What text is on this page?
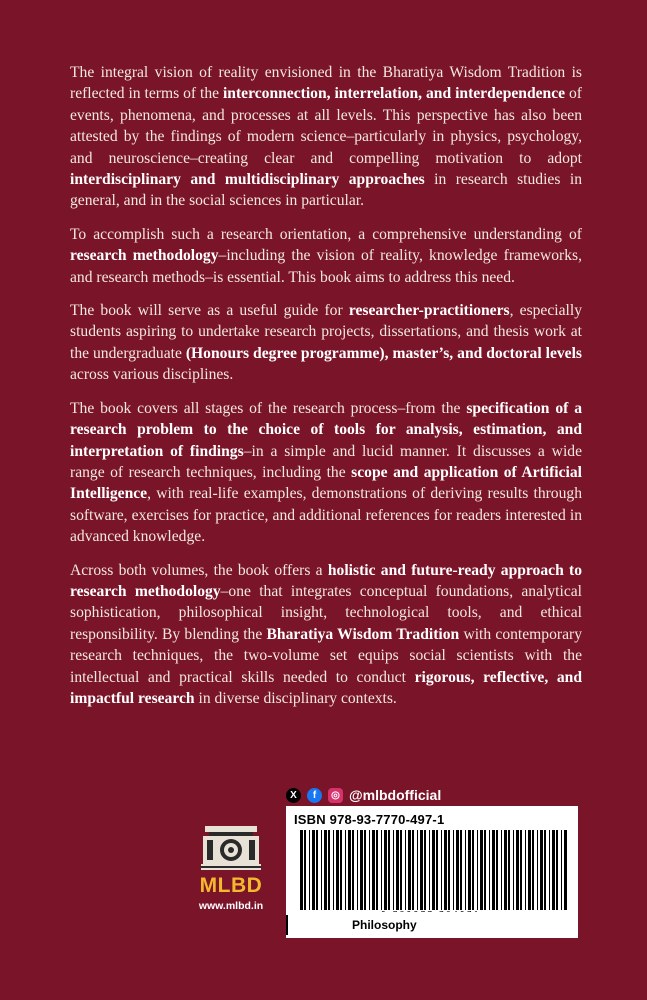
The integral vision of reality envisioned in the Bharatiya Wisdom Tradition is reflected in terms of the interconnection, interrelation, and interdependence of events, phenomena, and processes at all levels. This perspective has also been attested by the findings of modern science–particularly in physics, psychology, and neuroscience–creating clear and compelling motivation to adopt interdisciplinary and multidisciplinary approaches in research studies in general, and in the social sciences in particular.

To accomplish such a research orientation, a comprehensive understanding of research methodology–including the vision of reality, knowledge frameworks, and research methods–is essential. This book aims to address this need.

The book will serve as a useful guide for researcher-practitioners, especially students aspiring to undertake research projects, dissertations, and thesis work at the undergraduate (Honours degree programme), master’s, and doctoral levels across various disciplines.

The book covers all stages of the research process–from the specification of a research problem to the choice of tools for analysis, estimation, and interpretation of findings–in a simple and lucid manner. It discusses a wide range of research techniques, including the scope and application of Artificial Intelligence, with real-life examples, demonstrations of deriving results through software, exercises for practice, and additional references for readers interested in advanced knowledge.

Across both volumes, the book offers a holistic and future-ready approach to research methodology–one that integrates conceptual foundations, analytical sophistication, philosophical insight, technological tools, and ethical responsibility. By blending the Bharatiya Wisdom Tradition with contemporary research techniques, the two-volume set equips social scientists with the intellectual and practical skills needed to conduct rigorous, reflective, and impactful research in diverse disciplinary contexts.

X	f	◎ @mlbdofficial
ISBN 978-93-7770-497-1
Philosophy
MLBD
www.mlbd.in
